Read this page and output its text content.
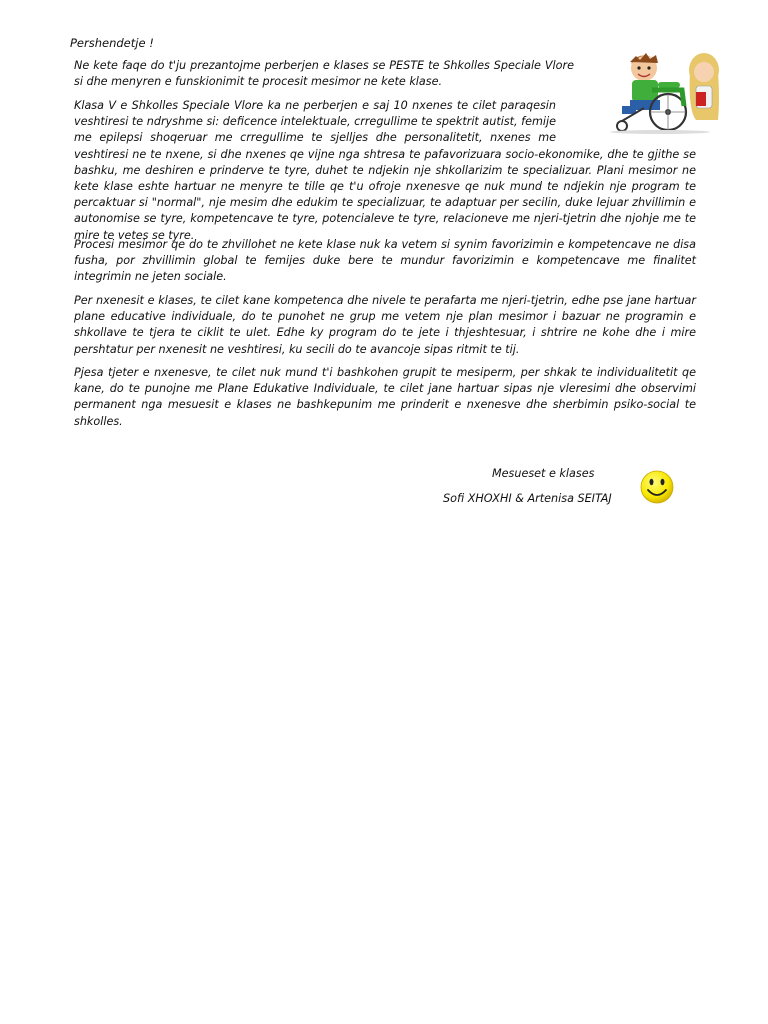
Pershendetje !

Ne kete faqe do t'ju prezantojme perberjen e klases se PESTE te Shkolles Speciale Vlore si dhe menyren e funskionimit te procesit mesimor ne kete klase.

Klasa V e Shkolles Speciale Vlore ka ne perberjen e saj 10 nxenes te cilet paraqesin veshtiresi te ndryshme si: deficence intelektuale, crregullime te spektrit autist, femije me epilepsi shoqeruar me crregullime te sjelljes dhe personalitetit, nxenes me veshtiresi ne te nxene, si dhe nxenes qe vijne nga shtresa te pafavorizuara socio-ekonomike, dhe te gjithe se bashku, me deshiren e prinderve te tyre, duhet te ndjekin nje shkollarizim te specializuar. Plani mesimor ne kete klase eshte hartuar ne menyre te tille qe t'u ofroje nxenesve qe nuk mund te ndjekin nje program te percaktuar si "normal", nje mesim dhe edukim te specializuar, te adaptuar per secilin, duke lejuar zhvillimin e autonomise se tyre, kompetencave te tyre, potencialeve te tyre, relacioneve me njeri-tjetrin dhe njohje me te mire te vetes se tyre.

Procesi mesimor qe do te zhvillohet ne kete klase nuk ka vetem si synim favorizimin e kompetencave ne disa fusha, por zhvillimin global te femijes duke bere te mundur favorizimin e kompetencave me finalitet integrimin ne jeten sociale.

Per nxenesit e klases, te cilet kane kompetenca dhe nivele te perafarta me njeri-tjetrin, edhe pse jane hartuar plane educative individuale, do te punohet ne grup me vetem nje plan mesimor i bazuar ne programin e shkollave te tjera te ciklit te ulet. Edhe ky program do te jete i thjeshtesuar, i shtrire ne kohe dhe i mire pershtatur per nxenesit ne veshtiresi, ku secili do te avancoje sipas ritmit te tij.

Pjesa tjeter e nxenesve, te cilet nuk mund t'i bashkohen grupit te mesiperm, per shkak te individualitetit qe kane, do te punojne me Plane Edukative Individuale, te cilet jane hartuar sipas nje vleresimi dhe observimi permanent nga mesuesit e klases ne bashkepunim me prinderit e nxenesve dhe sherbimin psiko-social te shkolles.

Mesueset e klases
Sofi XHOXHI & Artenisa SEITAJ
